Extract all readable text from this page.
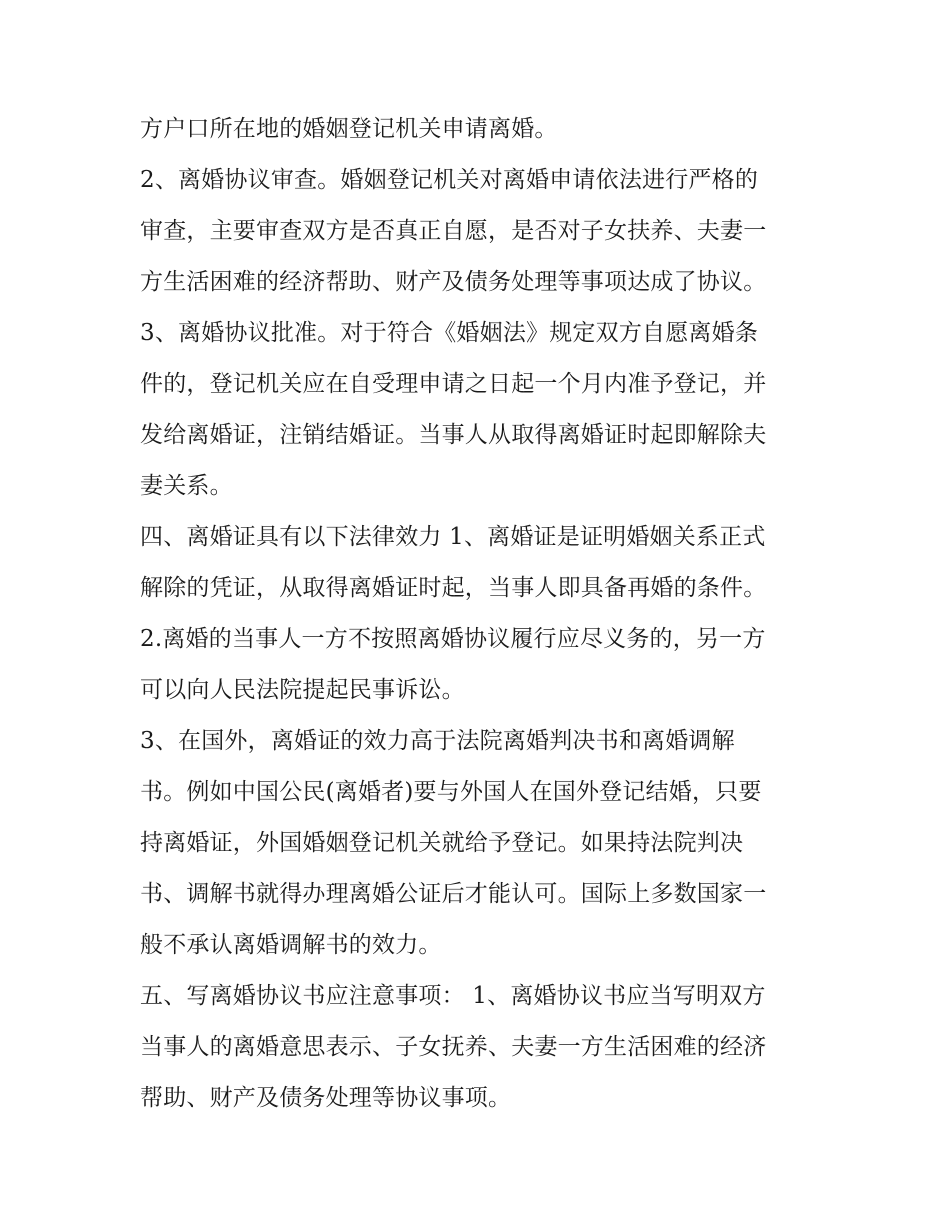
方户口所在地的婚姻登记机关申请离婚。
2、离婚协议审查。婚姻登记机关对离婚申请依法进行严格的
审查，主要审查双方是否真正自愿，是否对子女扶养、夫妻一
方生活困难的经济帮助、财产及债务处理等事项达成了协议。
3、离婚协议批准。对于符合《婚姻法》规定双方自愿离婚条
件的，登记机关应在自受理申请之日起一个月内准予登记，并
发给离婚证，注销结婚证。当事人从取得离婚证时起即解除夫
妻关系。
四、离婚证具有以下法律效力 1、离婚证是证明婚姻关系正式
解除的凭证，从取得离婚证时起，当事人即具备再婚的条件。
2.离婚的当事人一方不按照离婚协议履行应尽义务的，另一方
可以向人民法院提起民事诉讼。
3、在国外，离婚证的效力高于法院离婚判决书和离婚调解
书。例如中国公民(离婚者)要与外国人在国外登记结婚，只要
持离婚证，外国婚姻登记机关就给予登记。如果持法院判决
书、调解书就得办理离婚公证后才能认可。国际上多数国家一
般不承认离婚调解书的效力。
五、写离婚协议书应注意事项： 1、离婚协议书应当写明双方
当事人的离婚意思表示、子女抚养、夫妻一方生活困难的经济
帮助、财产及债务处理等协议事项。
